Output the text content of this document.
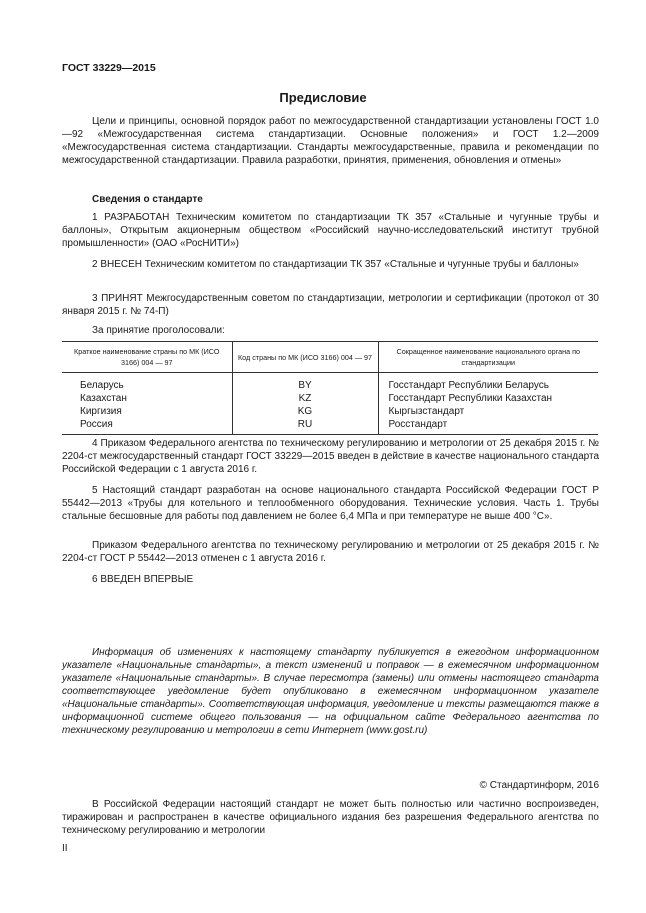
ГОСТ 33229—2015
Предисловие
Цели и принципы, основной порядок работ по межгосударственной стандартизации установлены ГОСТ 1.0—92 «Межгосударственная система стандартизации. Основные положения» и ГОСТ 1.2—2009 «Межгосударственная система стандартизации. Стандарты межгосударственные, правила и рекомендации по межгосударственной стандартизации. Правила разработки, принятия, применения, обновления и отмены»
Сведения о стандарте
1 РАЗРАБОТАН Техническим комитетом по стандартизации ТК 357 «Стальные и чугунные трубы и баллоны», Открытым акционерным обществом «Российский научно-исследовательский институт трубной промышленности» (ОАО «РосНИТИ»)
2 ВНЕСЕН Техническим комитетом по стандартизации ТК 357 «Стальные и чугунные трубы и баллоны»
3 ПРИНЯТ Межгосударственным советом по стандартизации, метрологии и сертификации (протокол от 30 января 2015 г. № 74-П)
За принятие проголосовали:
Краткое наименование страны по МК (ИСО 3166) 004 — 97	Код страны по МК (ИСО 3166) 004 — 97	Сокращенное наименование национального органа по стандартизации
Беларусь	BY	Госстандарт Республики Беларусь
Казахстан	KZ	Госстандарт Республики Казахстан
Киргизия	KG	Кыргызстандарт
Россия	RU	Росстандарт
4 Приказом Федерального агентства по техническому регулированию и метрологии от 25 декабря 2015 г. № 2204-ст межгосударственный стандарт ГОСТ 33229—2015 введен в действие в качестве национального стандарта Российской Федерации с 1 августа 2016 г.
5 Настоящий стандарт разработан на основе национального стандарта Российской Федерации ГОСТ Р 55442—2013 «Трубы для котельного и теплообменного оборудования. Технические условия. Часть 1. Трубы стальные бесшовные для работы под давлением не более 6,4 МПа и при температуре не выше 400 °С».
Приказом Федерального агентства по техническому регулированию и метрологии от 25 декабря 2015 г. № 2204-ст ГОСТ Р 55442—2013 отменен с 1 августа 2016 г.
6 ВВЕДЕН ВПЕРВЫЕ
Информация об изменениях к настоящему стандарту публикуется в ежегодном информационном указателе «Национальные стандарты», а текст изменений и поправок — в ежемесячном информационном указателе «Национальные стандарты». В случае пересмотра (замены) или отмены настоящего стандарта соответствующее уведомление будет опубликовано в ежемесячном информационном указателе «Национальные стандарты». Соответствующая информация, уведомление и тексты размещаются также в информационной системе общего пользования — на официальном сайте Федерального агентства по техническому регулированию и метрологии в сети Интернет (www.gost.ru)
© Стандартинформ, 2016
В Российской Федерации настоящий стандарт не может быть полностью или частично воспроизведен, тиражирован и распространен в качестве официального издания без разрешения Федерального агентства по техническому регулированию и метрологии
II
